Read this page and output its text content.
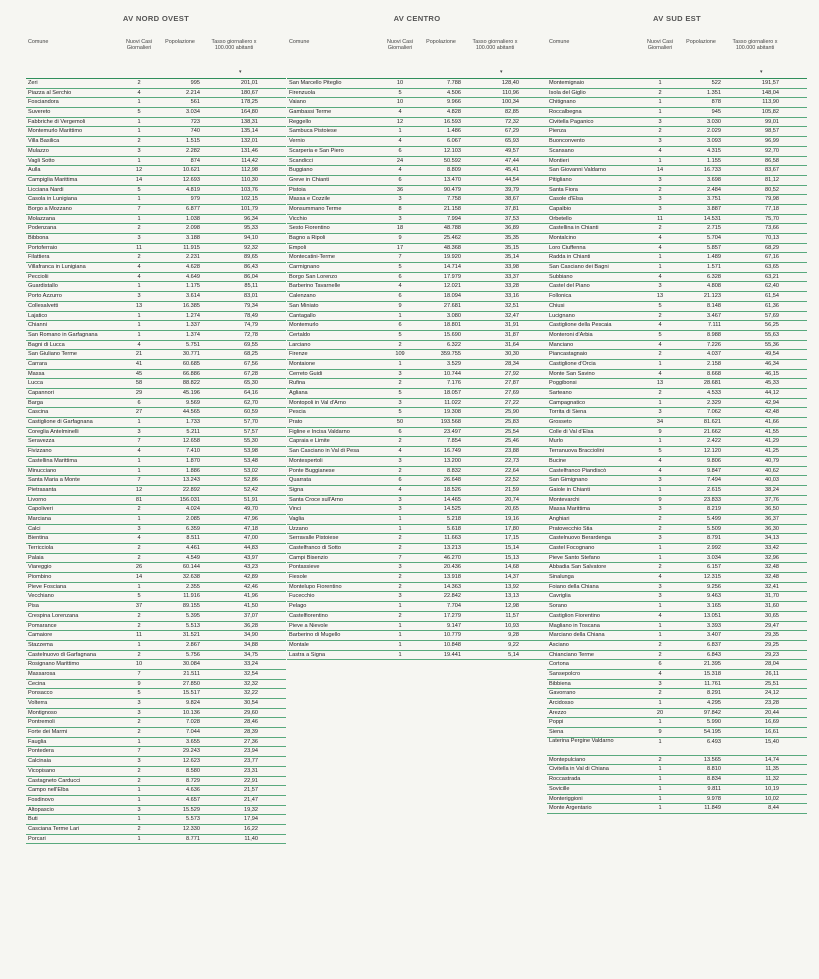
AV NORD OVEST
Comune	Nuovi Casi Giornalieri
Popolazione	Tasso giornaliero x 100.000 abitanti
▾
Zeri	2	995	201,01
Piazza al Serchio	4	2.214	180,67
Fosciandora	1	561	178,25
Suvereto	5	3.034	164,80
Fabbriche di Vergemoli	1	723	138,31
Montemurlo Marittimo	1	740	135,14
Villa Basilica	2	1.515	132,01
Mulazzo	3	2.282	131,46
Vagli Sotto	1	874	114,42
Aulla	12	10.621	112,98
Campiglia Marittima	14	12.693	110,30
Licciana Nardi	5	4.819	103,76
Casola in Lunigiana	1	979	102,15
Borgo a Mozzano	7	6.877	101,79
Molazzana	1	1.038	96,34
Podenzana	2	2.098	95,33
Bibbona	3	3.188	94,10
Portoferraio	11	11.915	92,32
Filattiera	2	2.231	89,65
Villafranca in Lunigiana	4	4.628	86,43
Pecciolii	4	4.649	86,04
Guardistallo	1	1.175	85,11
Porto Azzurro	3	3.614	83,01
Collesalvetti	13	16.385	79,34
Lajatico	1	1.274	78,49
Chianni	1	1.337	74,79
San Romano in Garfagnana	1	1.374	72,78
Bagni di Lucca	4	5.751	69,55
San Giuliano Terme	21	30.771	68,25
Carrara	41	60.685	67,56
Massa	45	66.886	67,28
Lucca	58	88.822	65,30
Capannori	29	45.196	64,16
Barga	6	9.569	62,70
Cascina	27	44.565	60,59
Castiglione di Garfagnana	1	1.733	57,70
Coreglia Antelminelli	3	5.211	57,57
Seravezza	7	12.658	55,30
Fivizzano	4	7.410	53,98
Castellina Marittima	1	1.870	53,48
Minucciano	1	1.886	53,02
Santa Maria a Monte	7	13.243	52,86
Pietrasanta	12	22.892	52,42
Livorno	81	156.031	51,91
Capoliveri	2	4.024	49,70
Marciana	1	2.085	47,96
Calci	3	6.359	47,18
Bientina	4	8.511	47,00
Terricciola	2	4.461	44,83
Palaia	2	4.549	43,97
Viareggio	26	60.144	43,23
Piombino	14	32.638	42,89
Pieve Fosciana	1	2.355	42,46
Vecchiano	5	11.916	41,96
Pisa	37	89.155	41,50
Crespina Lorenzana	2	5.395	37,07
Pomarance	2	5.513	36,28
Camaiore	11	31.521	34,90
Stazzema	1	2.867	34,88
Castelnuovo di Garfagnana	2	5.756	34,75
Rosignano Marittimo	10	30.084	33,24
Massarosa	7	21.511	32,54
Cecina	9	27.850	32,32
Ponsacco	5	15.517	32,22
Volterra	3	9.824	30,54
Montignoso	3	10.136	29,60
Pontremoli	2	7.028	28,46
Forte dei Marmi	2	7.044	28,39
Fauglia	1	3.655	27,36
Pontedera	7	29.243	23,94
Calcinaia	3	12.623	23,77
Vicopisano	2	8.580	23,31
Castagneto Carducci	2	8.729	22,91
Campo nell'Elba	1	4.636	21,57
Fosdinovo	1	4.657	21,47
Altopascio	3	15.529	19,32
Buti	1	5.573	17,94
Casciana Terme Lari	2	12.330	16,22
Porcari	1	8.771	11,40
AV CENTRO
Comune	Nuovi Casi Giornalieri
Popolazione	Tasso giornaliero x 100.000 abitanti
▾
San Marcello Piteglio	10	7.788	128,40
Firenzuola	5	4.506	110,96
Vaiano	10	9.966	100,34
Gambassi Terme	4	4.828	82,85
Reggello	12	16.593	72,32
Sambuca Pistoiese	1	1.486	67,29
Vernio	4	6.067	65,93
Scarperia e San Piero	6	12.103	49,57
Scandicci	24	50.592	47,44
Buggiano	4	8.809	45,41
Greve in Chianti	6	13.470	44,54
Pistoia	36	90.479	39,79
Massa e Cozzile	3	7.758	38,67
Monsummano Terme	8	21.158	37,81
Vicchio	3	7.994	37,53
Sesto Fiorentino	18	48.788	36,89
Bagno a Ripoli	9	25.462	35,35
Empoli	17	48.368	35,15
Montecatini-Terme	7	19.920	35,14
Carmignano	5	14.714	33,98
Borgo San Lorenzo	6	17.979	33,37
Barberino Tavarnelle	4	12.021	33,28
Calenzano	6	18.094	33,16
San Miniato	9	27.681	32,51
Cantagallo	1	3.080	32,47
Montemurlo	6	18.801	31,91
Certaldo	5	15.690	31,87
Larciano	2	6.322	31,64
Firenze	109	359.755	30,30
Montaione	1	3.529	28,34
Cerreto Guidi	3	10.744	27,92
Rufina	2	7.176	27,87
Agliana	5	18.057	27,69
Montopoli in Val d'Arno	3	11.022	27,22
Pescia	5	19.308	25,90
Prato	50	193.568	25,83
Figline e Incisa Valdarno	6	23.497	25,54
Capraia e Limite	2	7.854	25,46
San Casciano in Val di Pesa	4	16.749	23,88
Montespertoli	3	13.200	22,73
Ponte Buggianese	2	8.832	22,64
Quarrata	6	26.648	22,52
Signa	4	18.526	21,59
Santa Croce sull'Arno	3	14.465	20,74
Vinci	3	14.525	20,65
Vaglia	1	5.218	19,16
Uzzano	1	5.618	17,80
Serravalle Pistoiese	2	11.663	17,15
Castelfranco di Sotto	2	13.213	15,14
Campi Bisenzio	7	46.270	15,13
Pontassieve	3	20.436	14,68
Fiesole	2	13.918	14,37
Montelupo Fiorentino	2	14.363	13,92
Fucecchio	3	22.842	13,13
Pelago	1	7.704	12,98
Castelfiorentino	2	17.279	11,57
Pieve a Nievole	1	9.147	10,93
Barberino di Mugello	1	10.779	9,28
Montale	1	10.848	9,22
Lastra a Signa	1	19.441	5,14
AV SUD EST
Comune	Nuovi Casi Giornalieri
Popolazione	Tasso giornaliero x 100.000 abitanti
▾
Montemignaio	1	522	191,57
Isola del Giglio	2	1.351	148,04
Chitignano	1	878	113,90
Roccalbegna	1	945	105,82
Civitella Paganico	3	3.030	99,01
Pienza	2	2.029	98,57
Buonconvento	3	3.093	96,99
Scansano	4	4.315	92,70
Montieri	1	1.155	86,58
San Giovanni Valdarno	14	16.733	83,67
Pitigliano	3	3.698	81,12
Santa Fiora	2	2.484	80,52
Casole d'Elsa	3	3.751	79,98
Capalbio	3	3.887	77,18
Orbetello	11	14.531	75,70
Castellina in Chianti	2	2.715	73,66
Montalcino	4	5.704	70,13
Loro Ciuffenna	4	5.857	68,29
Radda in Chianti	1	1.489	67,16
San Casciano dei Bagni	1	1.571	63,65
Subbiano	4	6.328	63,21
Castel del Piano	3	4.808	62,40
Follonica	13	21.123	61,54
Chiusi	5	8.148	61,36
Lucignano	2	3.467	57,69
Castiglione della Pescaia	4	7.111	56,25
Monteroni d'Arbia	5	8.988	55,63
Manciano	4	7.226	55,36
Piancastagnaio	2	4.037	49,54
Castiglione d'Orcia	1	2.158	46,34
Monte San Savino	4	8.668	46,15
Poggibonsi	13	28.681	45,33
Sarteano	2	4.533	44,12
Campagnatico	1	2.329	42,94
Torrita di Siena	3	7.062	42,48
Grosseto	34	81.621	41,66
Colle di Val d'Elsa	9	21.662	41,55
Murlo	1	2.422	41,29
Terranuova Bracciolini	5	12.120	41,25
Bucine	4	9.806	40,79
Castelfranco Piandiscò	4	9.847	40,62
San Gimignano	3	7.494	40,03
Gaiole in Chianti	1	2.615	38,24
Montevarchi	9	23.833	37,76
Massa Marittima	3	8.219	36,50
Anghiari	2	5.499	36,37
Pratovecchio Stia	2	5.509	36,30
Castelnuovo Berardenga	3	8.791	34,13
Castel Focognano	1	2.992	33,42
Pieve Santo Stefano	1	3.034	32,96
Abbadia San Salvatore	2	6.157	32,48
Sinalunga	4	12.315	32,48
Foiano della Chiana	3	9.256	32,41
Cavriglia	3	9.463	31,70
Sorano	1	3.165	31,60
Castiglion Fiorentino	4	13.051	30,65
Magliano in Toscana	1	3.393	29,47
Marciano della Chiana	1	3.407	29,35
Asciano	2	6.837	29,25
Chianciano Terme	2	6.843	29,23
Cortona	6	21.395	28,04
Sansepolcro	4	15.318	26,11
Bibbiena	3	11.761	25,51
Gavorrano	2	8.291	24,12
Arcidosso	1	4.295	23,28
Arezzo	20	97.842	20,44
Poppi	1	5.990	16,69
Siena	9	54.195	16,61
Laterina Pergine Valdarno	1	6.493	15,40
Montepulciano	2	13.565	14,74
Civitella in Val di Chiana	1	8.810	11,35
Roccastrada	1	8.834	11,32
Sovicille	1	9.811	10,19
Monteriggioni	1	9.978	10,02
Monte Argentario	1	11.849	8,44
